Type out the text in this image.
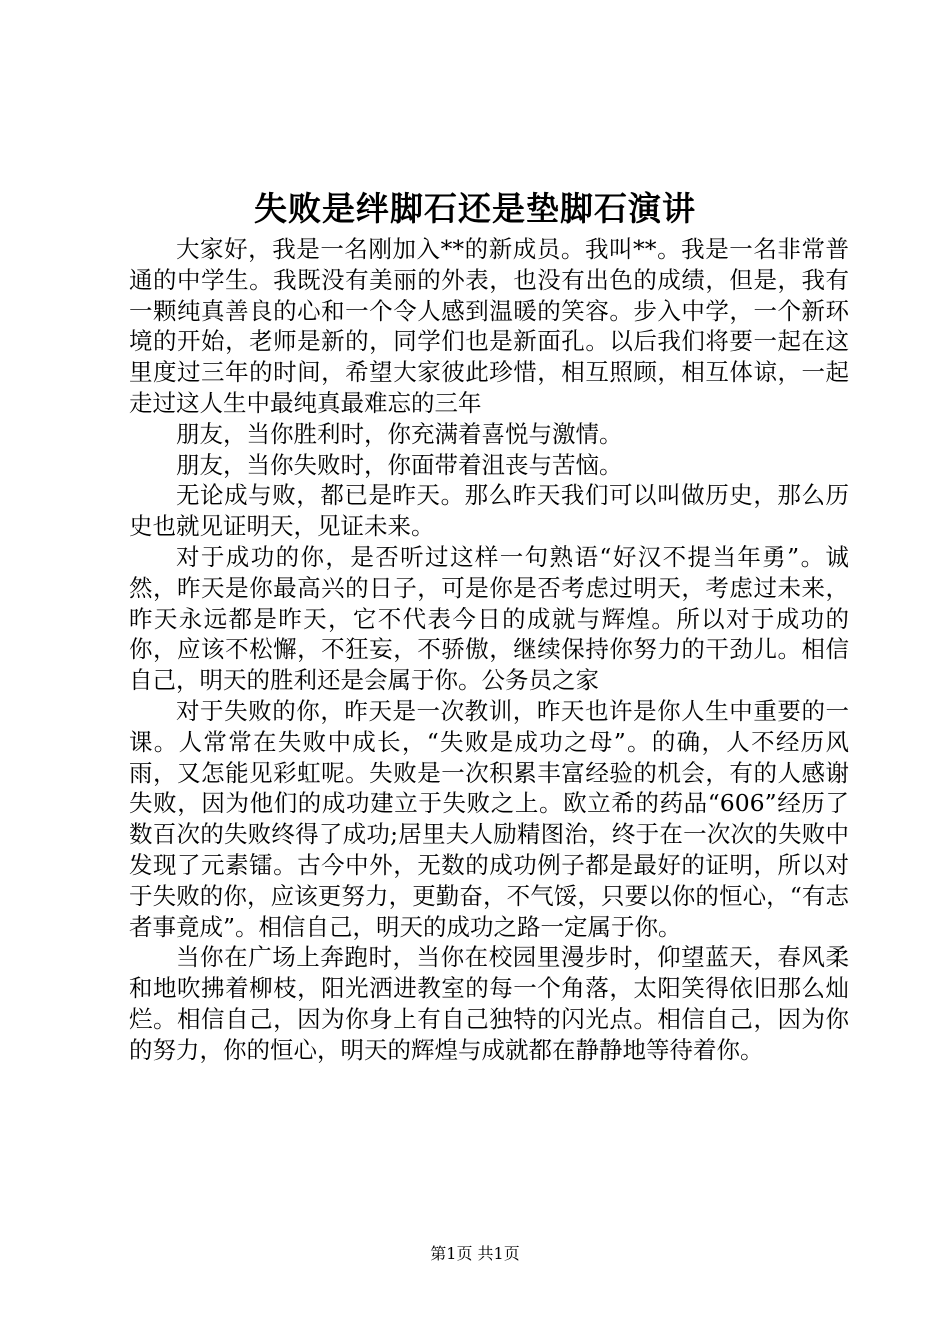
失败是绊脚石还是垫脚石演讲

大家好，我是一名刚加入**的新成员。我叫**。我是一名非常普通的中学生。我既没有美丽的外表，也没有出色的成绩，但是，我有一颗纯真善良的心和一个令人感到温暖的笑容。步入中学，一个新环境的开始，老师是新的，同学们也是新面孔。以后我们将要一起在这里度过三年的时间，希望大家彼此珍惜，相互照顾，相互体谅，一起走过这人生中最纯真最难忘的三年

朋友，当你胜利时，你充满着喜悦与激情。

朋友，当你失败时，你面带着沮丧与苦恼。

无论成与败，都已是昨天。那么昨天我们可以叫做历史，那么历史也就见证明天，见证未来。

对于成功的你，是否听过这样一句熟语“好汉不提当年勇”。诚然，昨天是你最高兴的日子，可是你是否考虑过明天，考虑过未来，昨天永远都是昨天，它不代表今日的成就与辉煌。所以对于成功的你，应该不松懈，不狂妄，不骄傲，继续保持你努力的干劲儿。相信自己，明天的胜利还是会属于你。公务员之家

对于失败的你，昨天是一次教训，昨天也许是你人生中重要的一课。人常常在失败中成长，“失败是成功之母”。的确，人不经历风雨，又怎能见彩虹呢。失败是一次积累丰富经验的机会，有的人感谢失败，因为他们的成功建立于失败之上。欧立希的药品“606”经历了数百次的失败终得了成功;居里夫人励精图治，终于在一次次的失败中发现了元素镭。古今中外，无数的成功例子都是最好的证明，所以对于失败的你，应该更努力，更勤奋，不气馁，只要以你的恒心，“有志者事竟成”。相信自己，明天的成功之路一定属于你。

当你在广场上奔跑时，当你在校园里漫步时，仰望蓝天，春风柔和地吹拂着柳枝，阳光洒进教室的每一个角落，太阳笑得依旧那么灿烂。相信自己，因为你身上有自己独特的闪光点。相信自己，因为你的努力，你的恒心，明天的辉煌与成就都在静静地等待着你。

第1页 共1页
